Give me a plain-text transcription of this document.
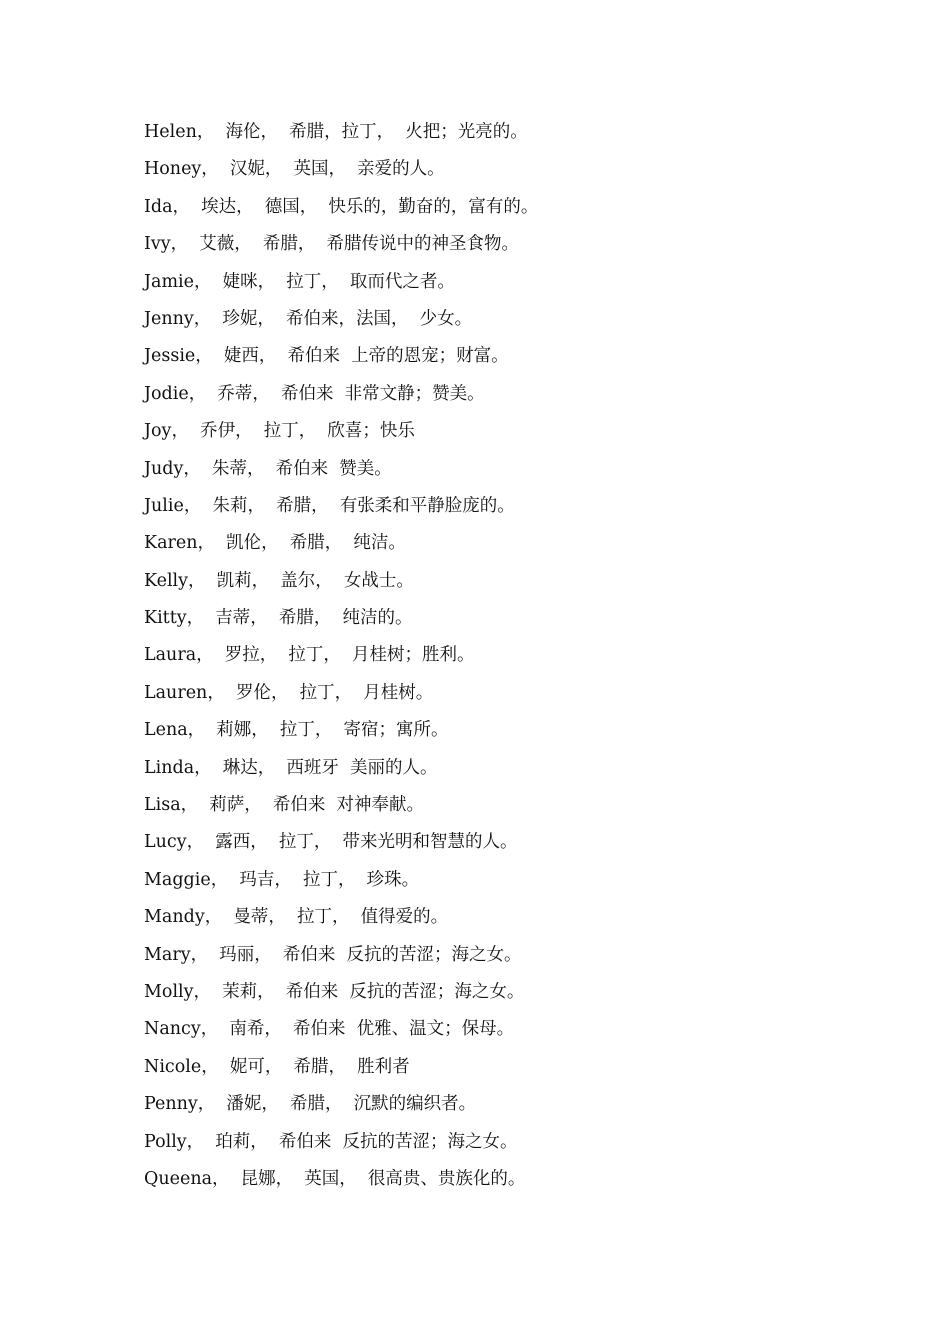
Helen，  海伦，  希腊，拉丁，  火把；光亮的。
Honey，  汉妮，  英国，  亲爱的人。
Ida，  埃达，  德国，  快乐的，勤奋的，富有的。
Ivy，  艾薇，  希腊，  希腊传说中的神圣食物。
Jamie，  婕咪，  拉丁，  取而代之者。
Jenny，  珍妮，  希伯来，法国，  少女。
Jessie，  婕西，  希伯来  上帝的恩宠；财富。
Jodie，  乔蒂，  希伯来  非常文静；赞美。
Joy，  乔伊，  拉丁，  欣喜；快乐
Judy，  朱蒂，  希伯来  赞美。
Julie，  朱莉，  希腊，  有张柔和平静脸庞的。
Karen，  凯伦，  希腊，  纯洁。
Kelly，  凯莉，  盖尔，  女战士。
Kitty，  吉蒂，  希腊，  纯洁的。
Laura，  罗拉，  拉丁，  月桂树；胜利。
Lauren，  罗伦，  拉丁，  月桂树。
Lena，  莉娜，  拉丁，  寄宿；寓所。
Linda，  琳达，  西班牙  美丽的人。
Lisa，  莉萨，  希伯来  对神奉献。
Lucy，  露西，  拉丁，  带来光明和智慧的人。
Maggie，  玛吉，  拉丁，  珍珠。
Mandy，  曼蒂，  拉丁，  值得爱的。
Mary，  玛丽，  希伯来  反抗的苦涩；海之女。
Molly，  茉莉，  希伯来  反抗的苦涩；海之女。
Nancy，  南希，  希伯来  优雅、温文；保母。
Nicole，  妮可，  希腊，  胜利者
Penny，  潘妮，  希腊，  沉默的编织者。
Polly，  珀莉，  希伯来  反抗的苦涩；海之女。
Queena，  昆娜，  英国，  很高贵、贵族化的。
